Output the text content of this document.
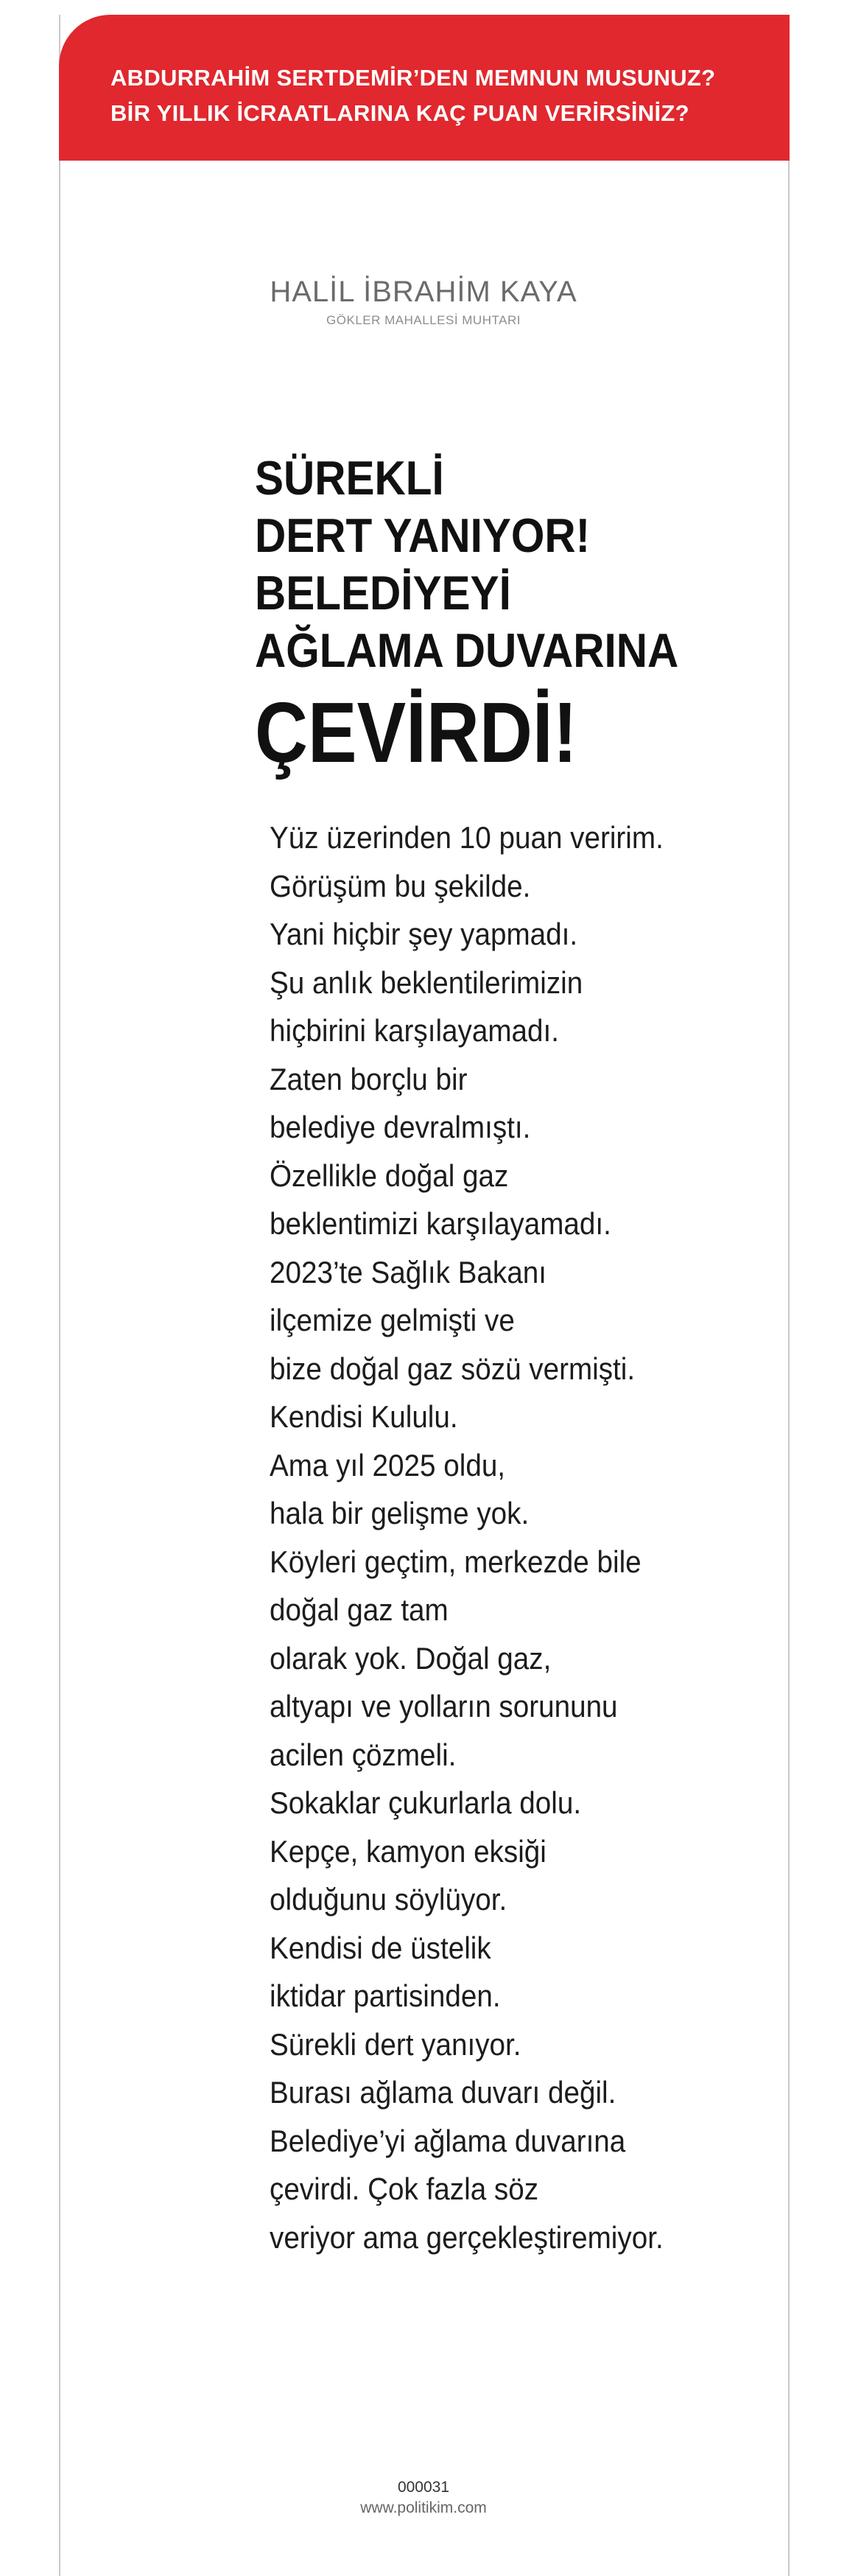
ABDURRAHİM SERTDEMİR’DEN MEMNUN MUSUNUZ?
BİR YILLIK İCRAATLARINA KAÇ PUAN VERİRSİNİZ?
HALİL İBRAHİM KAYA
GÖKLER MAHALLESİ MUHTARI
SÜREKLİ
DERT YANIYOR!
BELEDİYEYİ
AĞLAMA DUVARINA
ÇEVİRDİ!
Yüz üzerinden 10 puan veririm.
Görüşüm bu şekilde.
Yani hiçbir şey yapmadı.
Şu anlık beklentilerimizin
hiçbirini karşılayamadı.
Zaten borçlu bir
belediye devralmıştı.
Özellikle doğal gaz
beklentimizi karşılayamadı.
2023’te Sağlık Bakanı
ilçemize gelmişti ve
bize doğal gaz sözü vermişti.
Kendisi Kululu.
Ama yıl 2025 oldu,
hala bir gelişme yok.
Köyleri geçtim, merkezde bile
doğal gaz tam
olarak yok. Doğal gaz,
altyapı ve yolların sorununu
acilen çözmeli.
Sokaklar çukurlarla dolu.
Kepçe, kamyon eksiği
olduğunu söylüyor.
Kendisi de üstelik
iktidar partisinden.
Sürekli dert yanıyor.
Burası ağlama duvarı değil.
Belediye’yi ağlama duvarına
çevirdi. Çok fazla söz
veriyor ama gerçekleştiremiyor.
000031
www.politikim.com
